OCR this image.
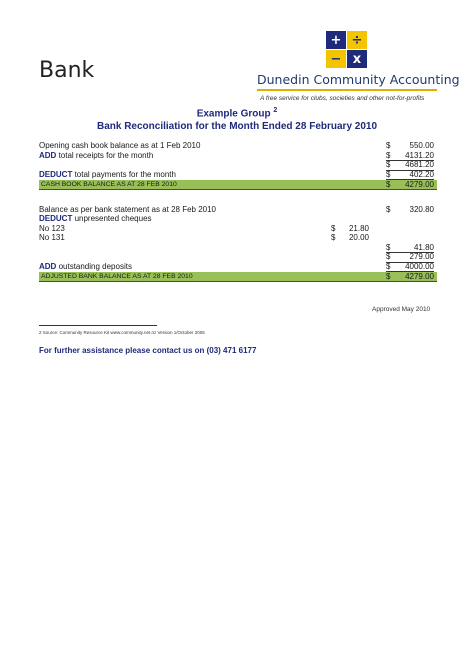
Bank
+ ÷
− x
Dunedin Community Accounting
A free service for clubs, societies and other not-for-profits
Example Group $^2$
Bank Reconciliation for the Month Ended 28 February 2010
Opening cash book balance as at 1 Feb 2010	$	550.00
ADD total receipts for the month	$	4131.20
$	4681.20
DEDUCT total payments for the month	$	402.20
CASH BOOK BALANCE AS AT 28 FEB 2010	$	4279.00
Balance as per bank statement as at 28 Feb 2010	$	320.80
DEDUCT unpresented cheques
No 123	$	21.80
No 131	$	20.00
$	41.80
$	279.00
ADD outstanding deposits	$	4000.00
ADJUSTED BANK BALANCE AS AT 28 FEB 2010	$	4279.00
Approved May 2010
2 Source: Community Resource Kit www.community.net.nz Version 1/October 2006
For further assistance please contact us on (03) 471 6177
